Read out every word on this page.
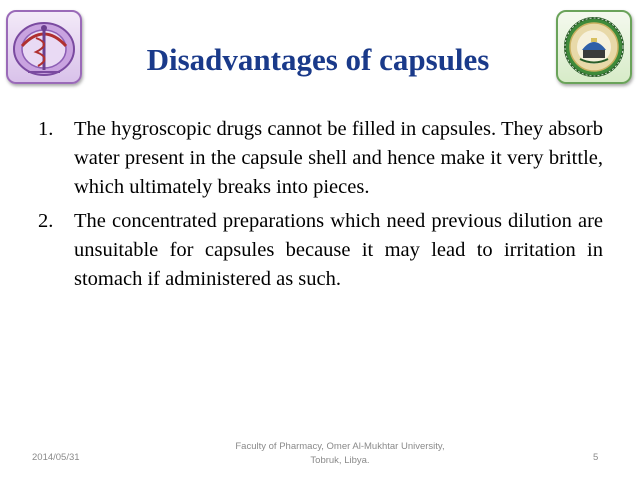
Disadvantages of capsules
1. The hygroscopic drugs cannot be filled in capsules. They absorb water present in the capsule shell and hence make it very brittle, which ultimately breaks into pieces.
2. The concentrated preparations which need previous dilution are unsuitable for capsules because it may lead to irritation in stomach if administered as such.
2014/05/31
Faculty of Pharmacy, Omer Al-Mukhtar University,
Tobruk, Libya.	5
